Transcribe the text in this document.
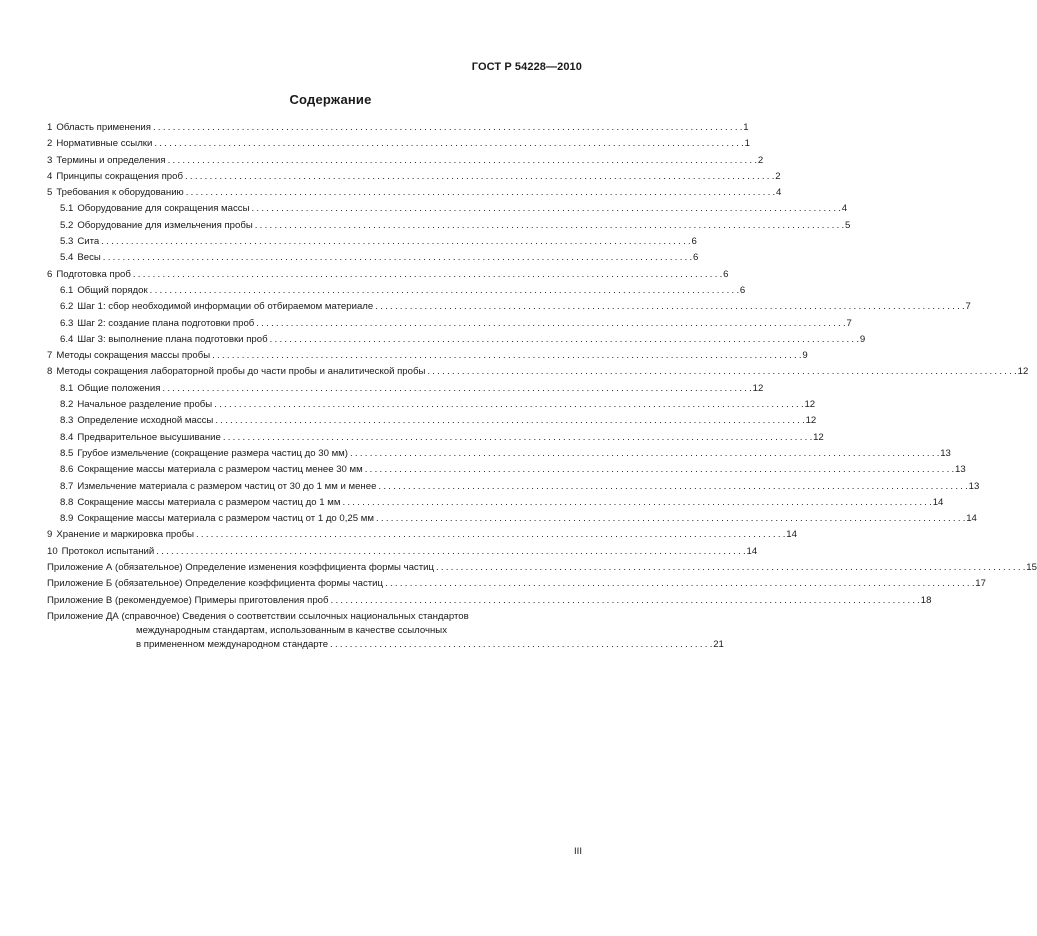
ГОСТ Р 54228—2010
Содержание
1 Область применения . . .	1
2 Нормативные ссылки . . .	1
3 Термины и определения . . .	2
4 Принципы сокращения проб . . .	2
5 Требования к оборудованию . . .	4
5.1 Оборудование для сокращения массы . . .	4
5.2 Оборудование для измельчения пробы . . .	5
5.3 Сита . . .	6
5.4 Весы . . .	6
6 Подготовка проб . . .	6
6.1 Общий порядок . . .	6
6.2 Шаг 1: сбор необходимой информации об отбираемом материале . . .	7
6.3 Шаг 2: создание плана подготовки проб . . .	7
6.4 Шаг 3: выполнение плана подготовки проб . . .	9
7 Методы сокращения массы пробы . . .	9
8 Методы сокращения лабораторной пробы до части пробы и аналитической пробы . . .	12
8.1 Общие положения . . .	12
8.2 Начальное разделение пробы . . .	12
8.3 Определение исходной массы . . .	12
8.4 Предварительное высушивание . . .	12
8.5 Грубое измельчение (сокращение размера частиц до 30 мм) . . .	13
8.6 Сокращение массы материала с размером частиц менее 30 мм . . .	13
8.7 Измельчение материала с размером частиц от 30 до 1 мм и менее . . .	13
8.8 Сокращение массы материала с размером частиц до 1 мм . . .	14
8.9 Сокращение массы материала с размером частиц от 1 до 0,25 мм . . .	14
9 Хранение и маркировка пробы . . .	14
10 Протокол испытаний . . .	14
Приложение А (обязательное) Определение изменения коэффициента формы частиц . . .	15
Приложение Б (обязательное) Определение коэффициента формы частиц . . .	17
Приложение В (рекомендуемое) Примеры приготовления проб . . .	18
Приложение ДА (справочное) Сведения о соответствии ссылочных национальных стандартов
международным стандартам, использованным в качестве ссылочных
в примененном международном стандарте . . .	21
III
